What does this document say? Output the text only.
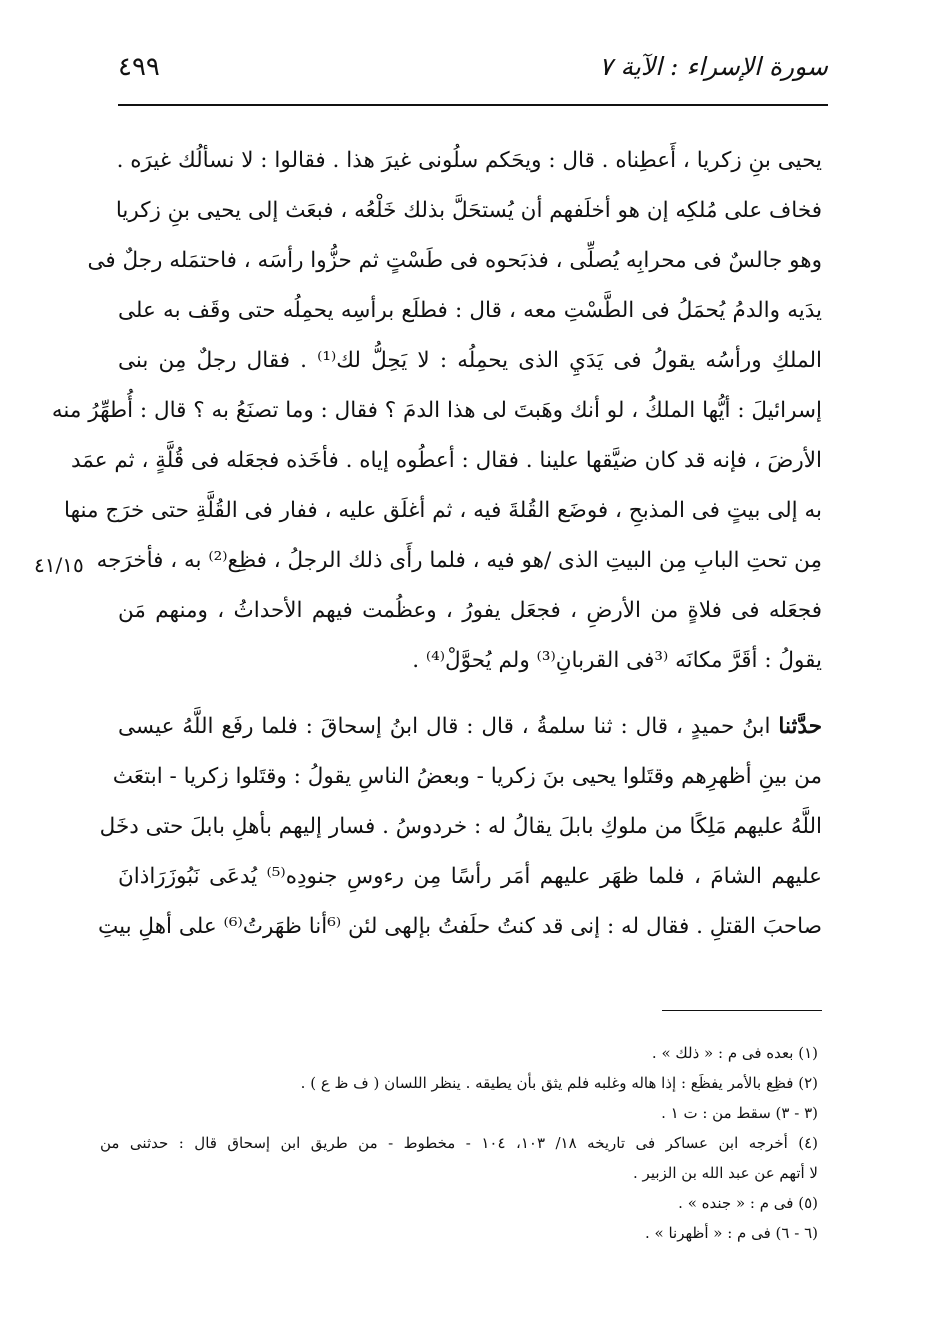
٤٩٩	سورة الإسراء : الآية ٧
يحيى بنِ زكريا ، أَعطِناه . قال : ويحَكم سلُونى غيرَ هذا . فقالوا : لا نسألُك غيرَه .
فخاف على مُلكِه إن هو أخلَفهم أن يُستحَلَّ بذلك خَلْعُه ، فبعَث إلى يحيى بنِ زكريا
وهو جالسٌ فى محرابِه يُصلِّى ، فذبَحوه فى طَسْتٍ ثم حزُّوا رأسَه ، فاحتمَله رجلٌ فى
يدَيه والدمُ يُحمَلُ فى الطَّسْتِ معه ، قال : فطلَع برأسِه يحمِلُه حتى وقَف به على
الملكِ ورأسُه يقولُ فى يَدَيِ الذى يحمِلُه : لا يَحِلُّ لك⁽¹⁾ . فقال رجلٌ مِن بنى
إسرائيلَ : أيُّها الملكُ ، لو أنك وهَبتَ لى هذا الدمَ ؟ فقال : وما تصنَعُ به ؟ قال : أُطهِّرُ منه
الأرضَ ، فإنه قد كان ضيَّقها علينا . فقال : أعطُوه إياه . فأخَذه فجعَله فى قُلَّةٍ ، ثم عمَد
به إلى بيتٍ فى المذبحِ ، فوضَع القُلةَ فيه ، ثم أغلَق عليه ، ففار فى القُلَّةِ حتى خرَج منها
مِن تحتِ البابِ مِن البيتِ الذى /هو فيه ، فلما رأَى ذلك الرجلُ ، فظِع⁽²⁾ به ، فأخرَجه
فجعَله فى فلاةٍ من الأرضِ ، فجعَل يفورُ ، وعظُمت فيهم الأحداثُ ، ومنهم مَن
يقولُ : أقَرَّ مكانَه ⁽³فى القربانِ⁽³⁾ ولم يُحوَّلْ⁽⁴⁾ .
حدَّثنا ابنُ حميدٍ ، قال : ثنا سلمةُ ، قال : قال ابنُ إسحاقَ : فلما رفَع اللَّهُ عيسى
من بينِ أظهرِهم وقتَلوا يحيى بنَ زكريا - وبعضُ الناسِ يقولُ : وقتَلوا زكريا - ابتعَث
اللَّهُ عليهم مَلِكًا من ملوكِ بابلَ يقالُ له : خردوسُ . فسار إليهم بأهلِ بابلَ حتى دخَل
عليهم الشامَ ، فلما ظهَر عليهم أمَر رأسًا مِن رءوسِ جنودِه⁽⁵⁾ يُدعَى نَبُوزَرَاذانَ
صاحبَ القتلِ . فقال له : إنى قد كنتُ حلَفتُ بإلهى لئن ⁽⁶أنا ظهَرتُ⁽⁶⁾ على أهلِ بيتِ
٤١/١٥
(١) بعده فى م : « ذلك » .
(٢) فظِع بالأمر يفظَع : إذا هاله وغلبه فلم يثق بأن يطيقه . ينظر اللسان ( ف ظ ع ) .
(٣ - ٣) سقط من : ت ١ .
(٤) أخرجه ابن عساكر فى تاريخه ١٨/ ١٠٣، ١٠٤ - مخطوط - من طريق ابن إسحاق قال : حدثنى من
لا أتهم عن عبد الله بن الزبير .
(٥) فى م : « جنده » .
(٦ - ٦) فى م : « أظهرنا » .
